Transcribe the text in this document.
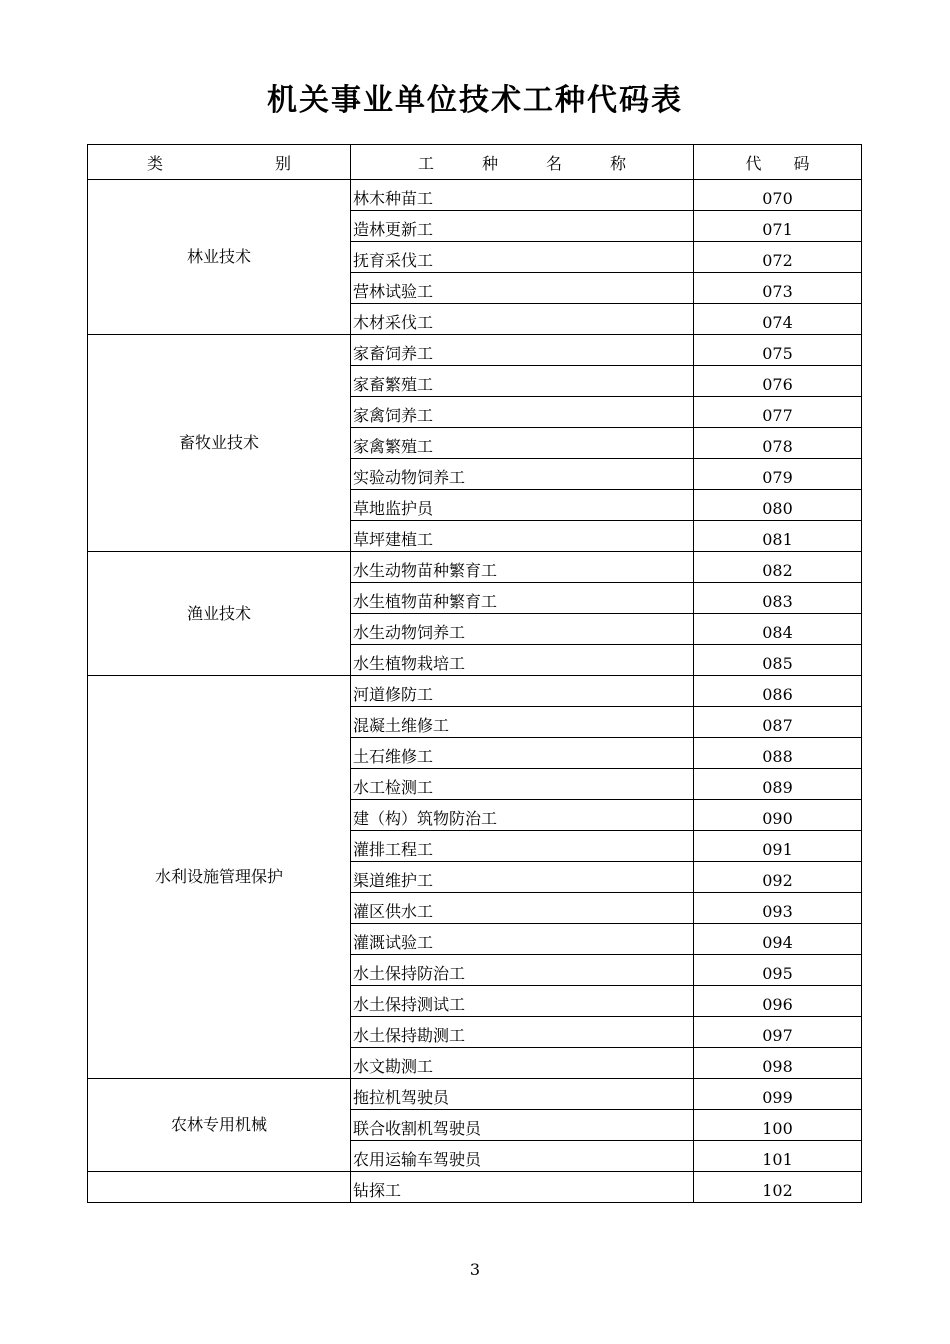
机关事业单位技术工种代码表
类　　　　　　　别	工　　　种　　　名　　　称	代　　码
林业技术	林木种苗工	070
	造林更新工	071
	抚育采伐工	072
	营林试验工	073
	木材采伐工	074
畜牧业技术	家畜饲养工	075
	家畜繁殖工	076
	家禽饲养工	077
	家禽繁殖工	078
	实验动物饲养工	079
	草地监护员	080
	草坪建植工	081
渔业技术	水生动物苗种繁育工	082
	水生植物苗种繁育工	083
	水生动物饲养工	084
	水生植物栽培工	085
水利设施管理保护	河道修防工	086
	混凝土维修工	087
	土石维修工	088
	水工检测工	089
	建（构）筑物防治工	090
	灌排工程工	091
	渠道维护工	092
	灌区供水工	093
	灌溉试验工	094
	水土保持防治工	095
	水土保持测试工	096
	水土保持勘测工	097
	水文勘测工	098
农林专用机械	拖拉机驾驶员	099
	联合收割机驾驶员	100
	农用运输车驾驶员	101
	钻探工	102
3
